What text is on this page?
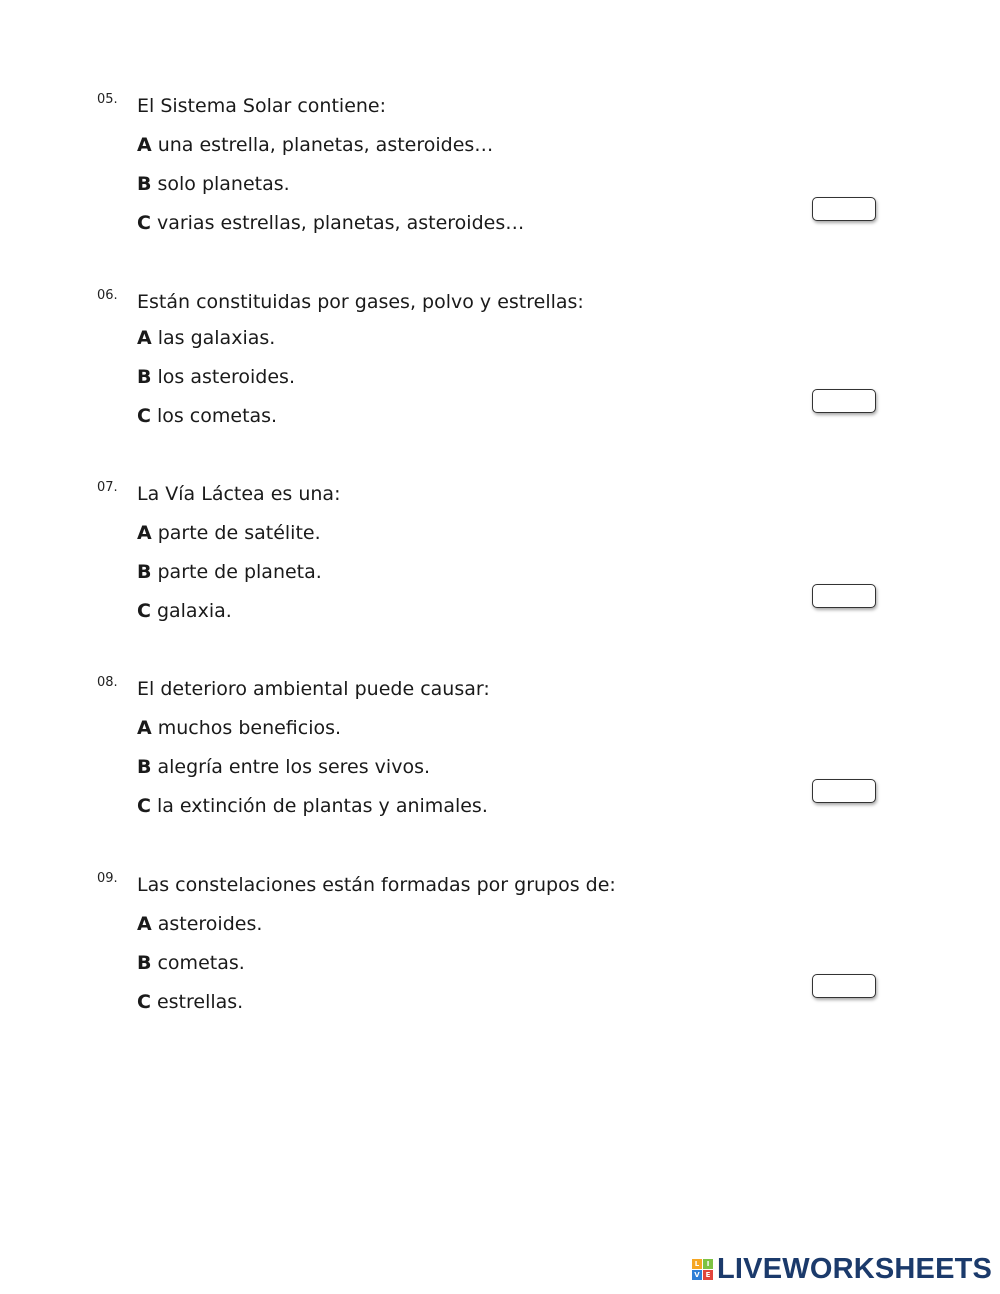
05. El Sistema Solar contiene:
A una estrella, planetas, asteroides…
B solo planetas.
C varias estrellas, planetas, asteroides…
06. Están constituidas por gases, polvo y estrellas:
A las galaxias.
B los asteroides.
C los cometas.
07. La Vía Láctea es una:
A parte de satélite.
B parte de planeta.
C galaxia.
08. El deterioro ambiental puede causar:
A muchos beneficios.
B alegría entre los seres vivos.
C la extinción de plantas y animales.
09. Las constelaciones están formadas por grupos de:
A asteroides.
B cometas.
C estrellas.
L	I
V E LIVEWORKSHEETS
